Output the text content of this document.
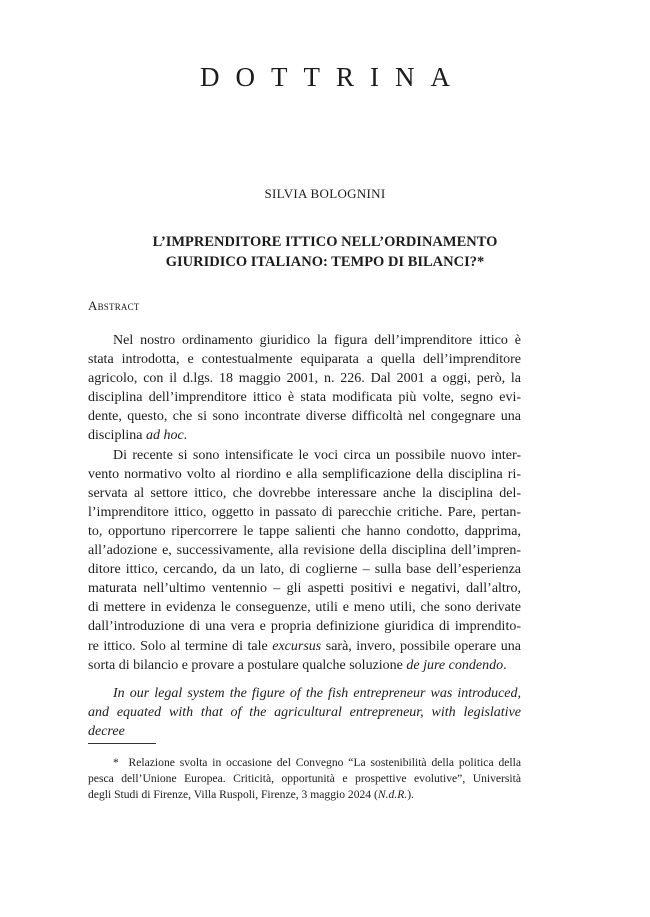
DOTTRINA
SILVIA BOLOGNINI
L’IMPRENDITORE ITTICO NELL’ORDINAMENTO
GIURIDICO ITALIANO: TEMPO DI BILANCI?*
Abstract

Nel nostro ordinamento giuridico la figura dell’imprenditore ittico è
stata introdotta, e contestualmente equiparata a quella dell’imprenditore
agricolo, con il d.lgs. 18 maggio 2001, n. 226. Dal 2001 a oggi, però, la
disciplina dell’imprenditore ittico è stata modificata più volte, segno evi-
dente, questo, che si sono incontrate diverse difficoltà nel congegnare una
disciplina ad hoc.

Di recente si sono intensificate le voci circa un possibile nuovo inter-
vento normativo volto al riordino e alla semplificazione della disciplina ri-
servata al settore ittico, che dovrebbe interessare anche la disciplina del-
l’imprenditore ittico, oggetto in passato di parecchie critiche. Pare, pertan-
to, opportuno ripercorrere le tappe salienti che hanno condotto, dapprima,
all’adozione e, successivamente, alla revisione della disciplina dell’impren-
ditore ittico, cercando, da un lato, di coglierne – sulla base dell’esperienza
maturata nell’ultimo ventennio – gli aspetti positivi e negativi, dall’altro,
di mettere in evidenza le conseguenze, utili e meno utili, che sono derivate
dall’introduzione di una vera e propria definizione giuridica di imprendito-
re ittico. Solo al termine di tale excursus sarà, invero, possibile operare una
sorta di bilancio e provare a postulare qualche soluzione de jure condendo.

In our legal system the figure of the fish entrepreneur was introduced,
and equated with that of the agricultural entrepreneur, with legislative decree

* Relazione svolta in occasione del Convegno “La sostenibilità della politica della
pesca dell’Unione Europea. Criticità, opportunità e prospettive evolutive”, Università
degli Studi di Firenze, Villa Ruspoli, Firenze, 3 maggio 2024 (N.d.R.).
